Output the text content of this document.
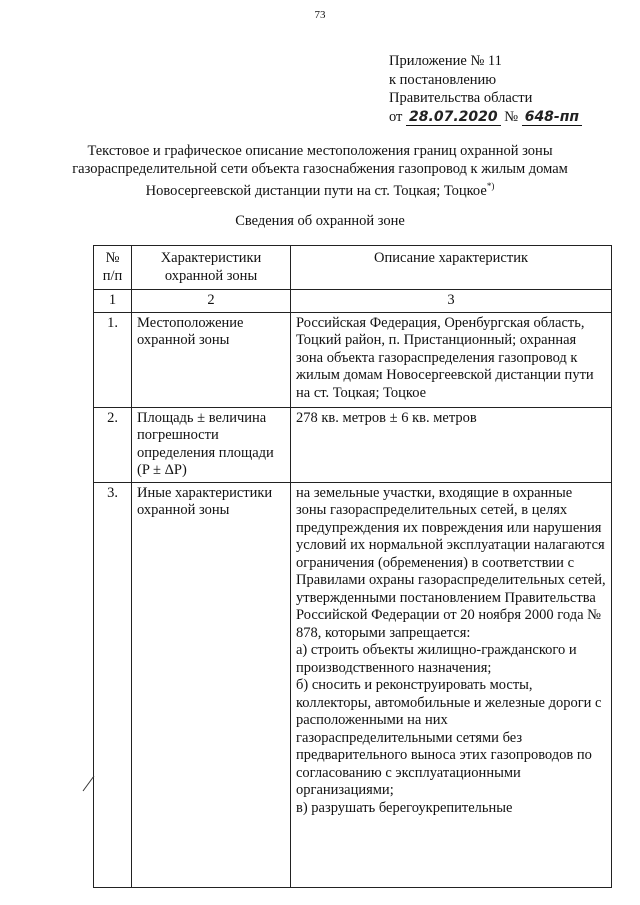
73
Приложение № 11
к постановлению
Правительства области
от 28.07.2020 № 648-пп
Текстовое и графическое описание местоположения границ охранной зоны газораспределительной сети объекта газоснабжения газопровод к жилым домам Новосергеевской дистанции пути на ст. Тоцкая; Тоцкое*)
Сведения об охранной зоне
№ п/п	Характеристики охранной зоны	Описание характеристик
1	2	3
1.	Местоположение охранной зоны	Российская Федерация, Оренбургская область, Тоцкий район, п. Пристанционный; охранная зона объекта газораспределения газопровод к жилым домам Новосергеевской дистанции пути на ст. Тоцкая; Тоцкое
2.	Площадь ± величина погрешности определения площади (P ± ΔP)	278 кв. метров ± 6 кв. метров
3.	Иные характеристики охранной зоны	на земельные участки, входящие в охранные зоны газораспределительных сетей, в целях предупреждения их повреждения или нарушения условий их нормальной эксплуатации налагаются ограничения (обременения) в соответствии с Правилами охраны газораспределительных сетей, утвержденными постановлением Правительства Российской Федерации от 20 ноября 2000 года № 878, которыми запрещается:
а) строить объекты жилищно-гражданского и производственного назначения;
б) сносить и реконструировать мосты, коллекторы, автомобильные и железные дороги с расположенными на них газораспределительными сетями без предварительного выноса этих газопроводов по согласованию с эксплуатационными организациями;
в) разрушать берегоукрепительные
